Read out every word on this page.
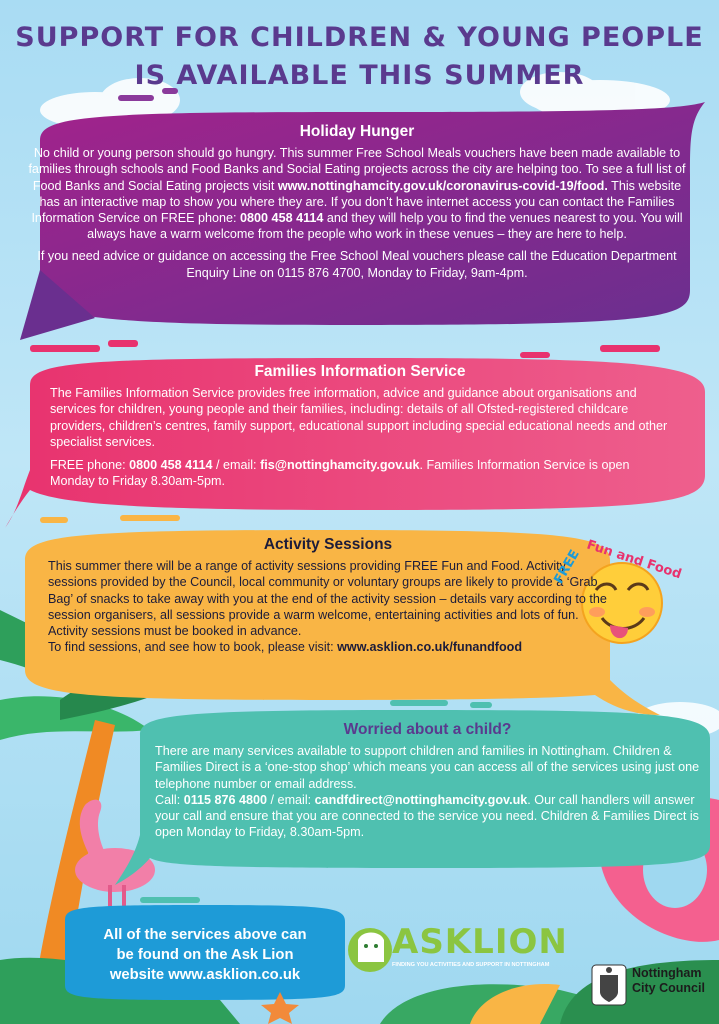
SUPPORT FOR CHILDREN & YOUNG PEOPLE
IS AVAILABLE THIS SUMMER
Holiday Hunger

No child or young person should go hungry. This summer Free School Meals vouchers have been made available to families through schools and Food Banks and Social Eating projects across the city are helping too. To see a full list of Food Banks and Social Eating projects visit www.nottinghamcity.gov.uk/coronavirus-covid-19/food. This website has an interactive map to show you where they are. If you don’t have internet access you can contact the Families Information Service on FREE phone: 0800 458 4114 and they will help you to find the venues nearest to you. You will always have a warm welcome from the people who work in these venues – they are here to help.

If you need advice or guidance on accessing the Free School Meal vouchers please call the Education Department Enquiry Line on 0115 876 4700, Monday to Friday, 9am-4pm.

Families Information Service

The Families Information Service provides free information, advice and guidance about organisations and services for children, young people and their families, including: details of all Ofsted-registered childcare providers, children’s centres, family support, educational support including special educational needs and other specialist services.

FREE phone: 0800 458 4114 / email: fis@nottinghamcity.gov.uk. Families Information Service is open Monday to Friday 8.30am-5pm.

Activity Sessions

This summer there will be a range of activity sessions providing FREE Fun and Food. Activity sessions provided by the Council, local community or voluntary groups are likely to provide a ‘Grab Bag’ of snacks to take away with you at the end of the activity session – details vary according to the session organisers, all sessions provide a warm welcome, entertaining activities and lots of fun. Activity sessions must be booked in advance.

To find sessions, and see how to book, please visit: www.asklion.co.uk/funandfood

FREE Fun and Food
Worried about a child?

There are many services available to support children and families in Nottingham. Children & Families Direct is a ‘one-stop shop’ which means you can access all of the services using just one telephone number or email address.

Call: 0115 876 4800 / email: candfdirect@nottinghamcity.gov.uk. Our call handlers will answer your call and ensure that you are connected to the service you need. Children & Families Direct is open Monday to Friday, 8.30am-5pm.

All of the services above can
be found on the Ask Lion
website www.asklion.co.uk
ASKLION
FINDING YOU ACTIVITIES AND SUPPORT IN NOTTINGHAM
Nottingham
City Council
